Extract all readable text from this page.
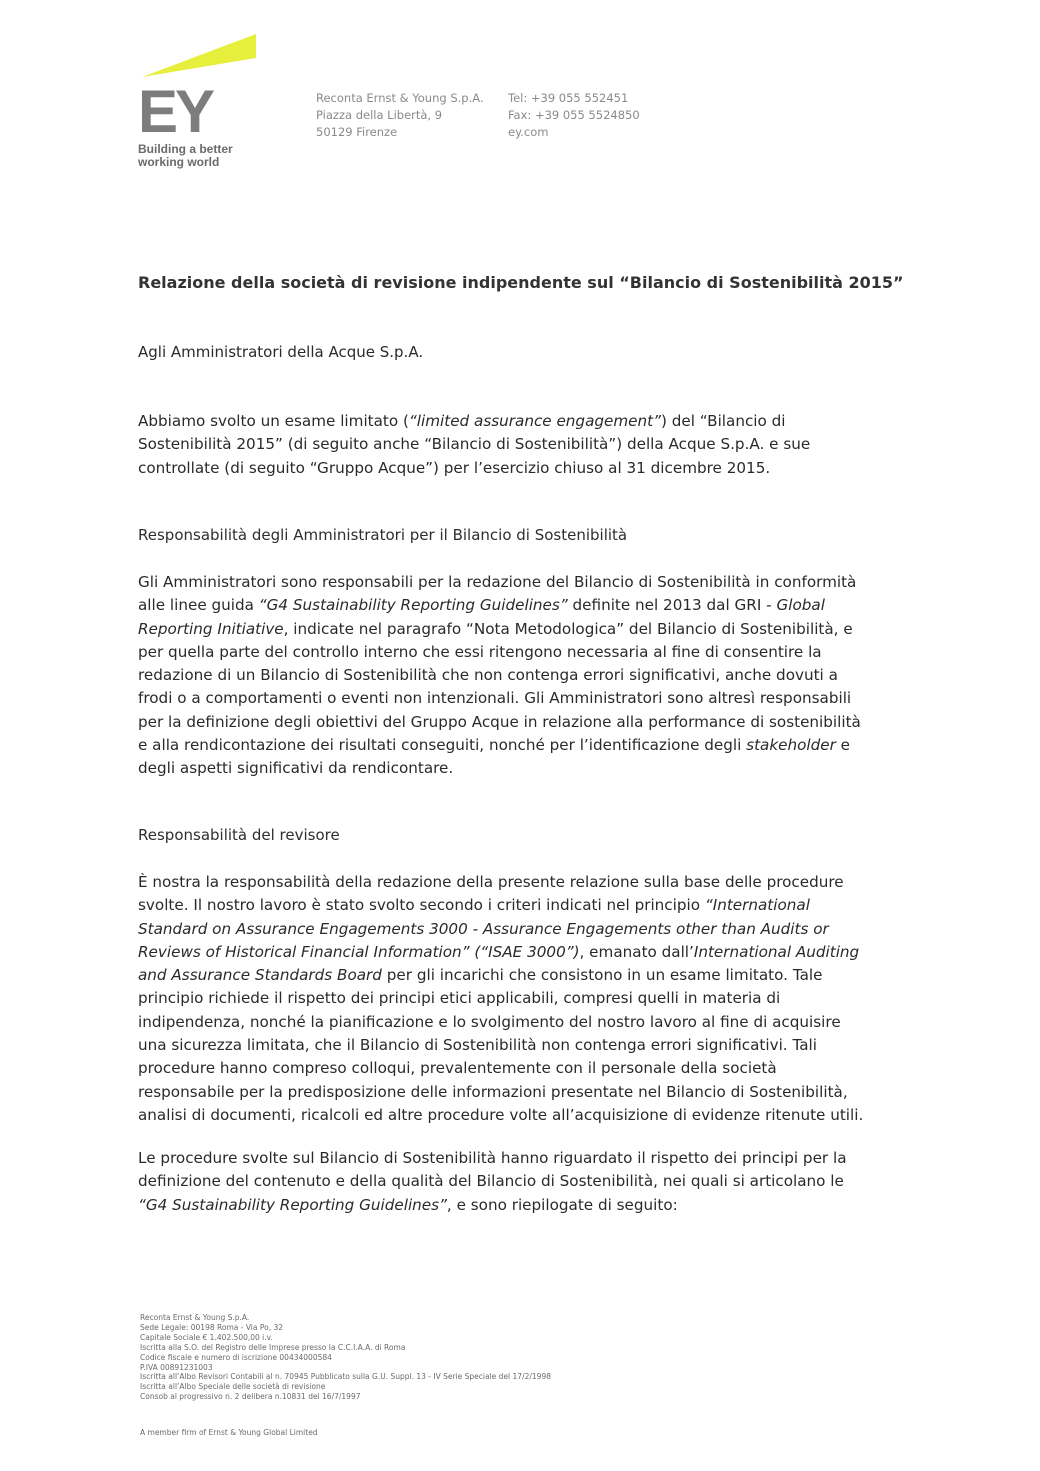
EY
Building a better
working world
Reconta Ernst & Young S.p.A.
Piazza della Libertà, 9
50129 Firenze
Tel: +39 055 552451
Fax: +39 055 5524850
ey.com
Relazione della società di revisione indipendente sul “Bilancio di Sostenibilità 2015”
Agli Amministratori della Acque S.p.A.
Abbiamo svolto un esame limitato (“limited assurance engagement”) del “Bilancio di
Sostenibilità 2015” (di seguito anche “Bilancio di Sostenibilità”) della Acque S.p.A. e sue
controllate (di seguito “Gruppo Acque”) per l’esercizio chiuso al 31 dicembre 2015.
Responsabilità degli Amministratori per il Bilancio di Sostenibilità
Gli Amministratori sono responsabili per la redazione del Bilancio di Sostenibilità in conformità
alle linee guida “G4 Sustainability Reporting Guidelines” definite nel 2013 dal GRI - Global
Reporting Initiative, indicate nel paragrafo “Nota Metodologica” del Bilancio di Sostenibilità, e
per quella parte del controllo interno che essi ritengono necessaria al fine di consentire la
redazione di un Bilancio di Sostenibilità che non contenga errori significativi, anche dovuti a
frodi o a comportamenti o eventi non intenzionali. Gli Amministratori sono altresì responsabili
per la definizione degli obiettivi del Gruppo Acque in relazione alla performance di sostenibilità
e alla rendicontazione dei risultati conseguiti, nonché per l’identificazione degli stakeholder e
degli aspetti significativi da rendicontare.
Responsabilità del revisore
È nostra la responsabilità della redazione della presente relazione sulla base delle procedure
svolte. Il nostro lavoro è stato svolto secondo i criteri indicati nel principio “International
Standard on Assurance Engagements 3000 - Assurance Engagements other than Audits or
Reviews of Historical Financial Information” (“ISAE 3000”), emanato dall’International Auditing
and Assurance Standards Board per gli incarichi che consistono in un esame limitato. Tale
principio richiede il rispetto dei principi etici applicabili, compresi quelli in materia di
indipendenza, nonché la pianificazione e lo svolgimento del nostro lavoro al fine di acquisire
una sicurezza limitata, che il Bilancio di Sostenibilità non contenga errori significativi. Tali
procedure hanno compreso colloqui, prevalentemente con il personale della società
responsabile per la predisposizione delle informazioni presentate nel Bilancio di Sostenibilità,
analisi di documenti, ricalcoli ed altre procedure volte all’acquisizione di evidenze ritenute utili.
Le procedure svolte sul Bilancio di Sostenibilità hanno riguardato il rispetto dei principi per la
definizione del contenuto e della qualità del Bilancio di Sostenibilità, nei quali si articolano le
“G4 Sustainability Reporting Guidelines”, e sono riepilogate di seguito:
Reconta Ernst & Young S.p.A.
Sede Legale: 00198 Roma - Via Po, 32
Capitale Sociale € 1.402.500,00 i.v.
Iscritta alla S.O. del Registro delle Imprese presso la C.C.I.A.A. di Roma
Codice fiscale e numero di iscrizione 00434000584
P.IVA 00891231003
Iscritta all’Albo Revisori Contabili al n. 70945 Pubblicato sulla G.U. Suppl. 13 - IV Serie Speciale del 17/2/1998
Iscritta all’Albo Speciale delle società di revisione
Consob al progressivo n. 2 delibera n.10831 del 16/7/1997
A member firm of Ernst & Young Global Limited
